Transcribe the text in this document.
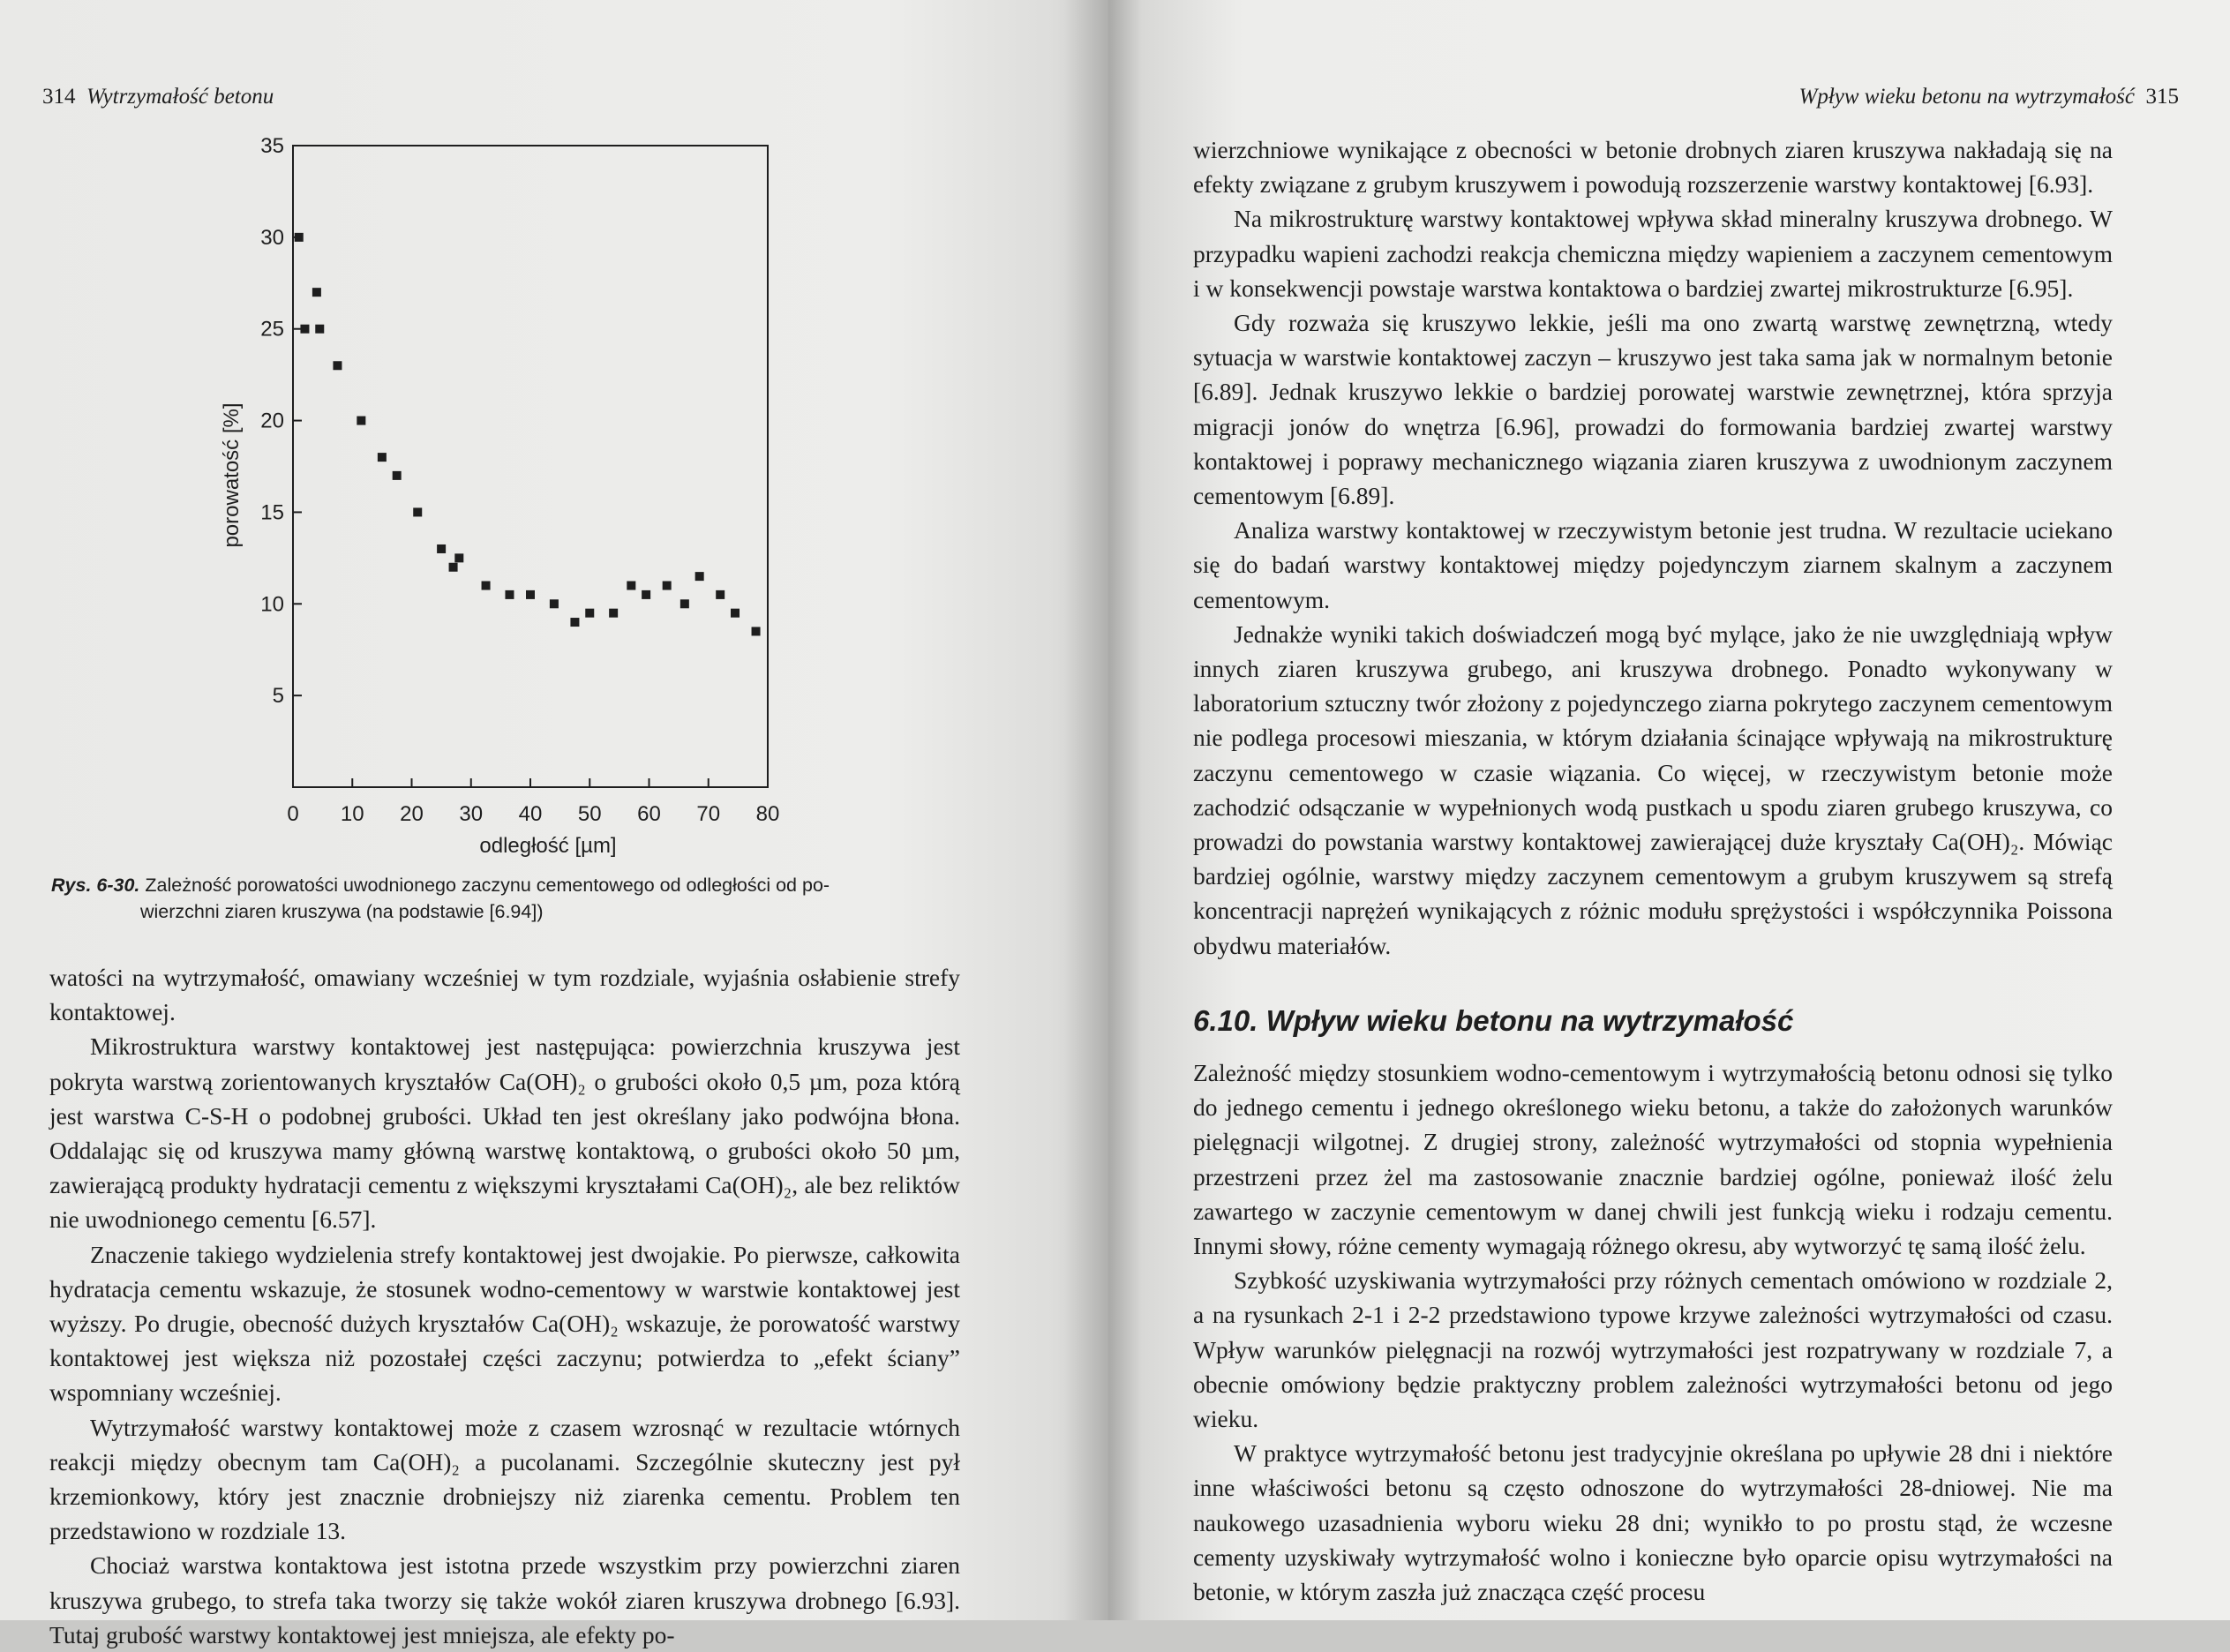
314 Wytrzymałość betonu
0 10 20 30 40 50 60 70 80
5
10
15
20
25
30
35
odległość [µm]
porowatość [%]
Rys. 6-30. Zależność porowatości uwodnionego zaczynu cementowego od odległości od po-
wierzchni ziaren kruszywa (na podstawie [6.94])

watości na wytrzymałość, omawiany wcześniej w tym rozdziale, wyjaśnia osłabienie strefy kontaktowej.

Mikrostruktura warstwy kontaktowej jest następująca: powierzchnia kruszywa jest pokryta warstwą zorientowanych kryształów Ca(OH)₂ o grubości około 0,5 µm, poza którą jest warstwa C-S-H o podobnej grubości. Układ ten jest określany jako podwójna błona. Oddalając się od kruszywa mamy główną warstwę kontaktową, o grubości około 50 µm, zawierającą produkty hydratacji cementu z większymi kryształami Ca(OH)₂, ale bez reliktów nie uwodnionego cementu [6.57].

Znaczenie takiego wydzielenia strefy kontaktowej jest dwojakie. Po pierwsze, całkowita hydratacja cementu wskazuje, że stosunek wodno-cementowy w warstwie kontaktowej jest wyższy. Po drugie, obecność dużych kryształów Ca(OH)₂ wskazuje, że porowatość warstwy kontaktowej jest większa niż pozostałej części zaczynu; potwierdza to „efekt ściany” wspomniany wcześniej.

Wytrzymałość warstwy kontaktowej może z czasem wzrosnąć w rezultacie wtórnych reakcji między obecnym tam Ca(OH)₂ a pucolanami. Szczególnie skuteczny jest pył krzemionkowy, który jest znacznie drobniejszy niż ziarenka cementu. Problem ten przedstawiono w rozdziale 13.

Chociaż warstwa kontaktowa jest istotna przede wszystkim przy powierzchni ziaren kruszywa grubego, to strefa taka tworzy się także wokół ziaren kruszywa drobnego [6.93]. Tutaj grubość warstwy kontaktowej jest mniejsza, ale efekty po-

Wpływ wieku betonu na wytrzymałość 315

wierzchniowe wynikające z obecności w betonie drobnych ziaren kruszywa nakładają się na efekty związane z grubym kruszywem i powodują rozszerzenie warstwy kontaktowej [6.93].

Na mikrostrukturę warstwy kontaktowej wpływa skład mineralny kruszywa drobnego. W przypadku wapieni zachodzi reakcja chemiczna między wapieniem a zaczynem cementowym i w konsekwencji powstaje warstwa kontaktowa o bardziej zwartej mikrostrukturze [6.95].

Gdy rozważa się kruszywo lekkie, jeśli ma ono zwartą warstwę zewnętrzną, wtedy sytuacja w warstwie kontaktowej zaczyn – kruszywo jest taka sama jak w normalnym betonie [6.89]. Jednak kruszywo lekkie o bardziej porowatej warstwie zewnętrznej, która sprzyja migracji jonów do wnętrza [6.96], prowadzi do formowania bardziej zwartej warstwy kontaktowej i poprawy mechanicznego wiązania ziaren kruszywa z uwodnionym zaczynem cementowym [6.89].

Analiza warstwy kontaktowej w rzeczywistym betonie jest trudna. W rezultacie uciekano się do badań warstwy kontaktowej między pojedynczym ziarnem skalnym a zaczynem cementowym.

Jednakże wyniki takich doświadczeń mogą być mylące, jako że nie uwzględniają wpływ innych ziaren kruszywa grubego, ani kruszywa drobnego. Ponadto wykonywany w laboratorium sztuczny twór złożony z pojedynczego ziarna pokrytego zaczynem cementowym nie podlega procesowi mieszania, w którym działania ścinające wpływają na mikrostrukturę zaczynu cementowego w czasie wiązania. Co więcej, w rzeczywistym betonie może zachodzić odsączanie w wypełnionych wodą pustkach u spodu ziaren grubego kruszywa, co prowadzi do powstania warstwy kontaktowej zawierającej duże kryształy Ca(OH)₂. Mówiąc bardziej ogólnie, warstwy między zaczynem cementowym a grubym kruszywem są strefą koncentracji naprężeń wynikających z różnic modułu sprężystości i współczynnika Poissona obydwu materiałów.

6.10. Wpływ wieku betonu na wytrzymałość

Zależność między stosunkiem wodno-cementowym i wytrzymałością betonu odnosi się tylko do jednego cementu i jednego określonego wieku betonu, a także do założonych warunków pielęgnacji wilgotnej. Z drugiej strony, zależność wytrzymałości od stopnia wypełnienia przestrzeni przez żel ma zastosowanie znacznie bardziej ogólne, ponieważ ilość żelu zawartego w zaczynie cementowym w danej chwili jest funkcją wieku i rodzaju cementu. Innymi słowy, różne cementy wymagają różnego okresu, aby wytworzyć tę samą ilość żelu.

Szybkość uzyskiwania wytrzymałości przy różnych cementach omówiono w rozdziale 2, a na rysunkach 2-1 i 2-2 przedstawiono typowe krzywe zależności wytrzymałości od czasu. Wpływ warunków pielęgnacji na rozwój wytrzymałości jest rozpatrywany w rozdziale 7, a obecnie omówiony będzie praktyczny problem zależności wytrzymałości betonu od jego wieku.

W praktyce wytrzymałość betonu jest tradycyjnie określana po upływie 28 dni i niektóre inne właściwości betonu są często odnoszone do wytrzymałości 28-dniowej. Nie ma naukowego uzasadnienia wyboru wieku 28 dni; wynikło to po prostu stąd, że wczesne cementy uzyskiwały wytrzymałość wolno i konieczne było oparcie opisu wytrzymałości na betonie, w którym zaszła już znacząca część procesu
